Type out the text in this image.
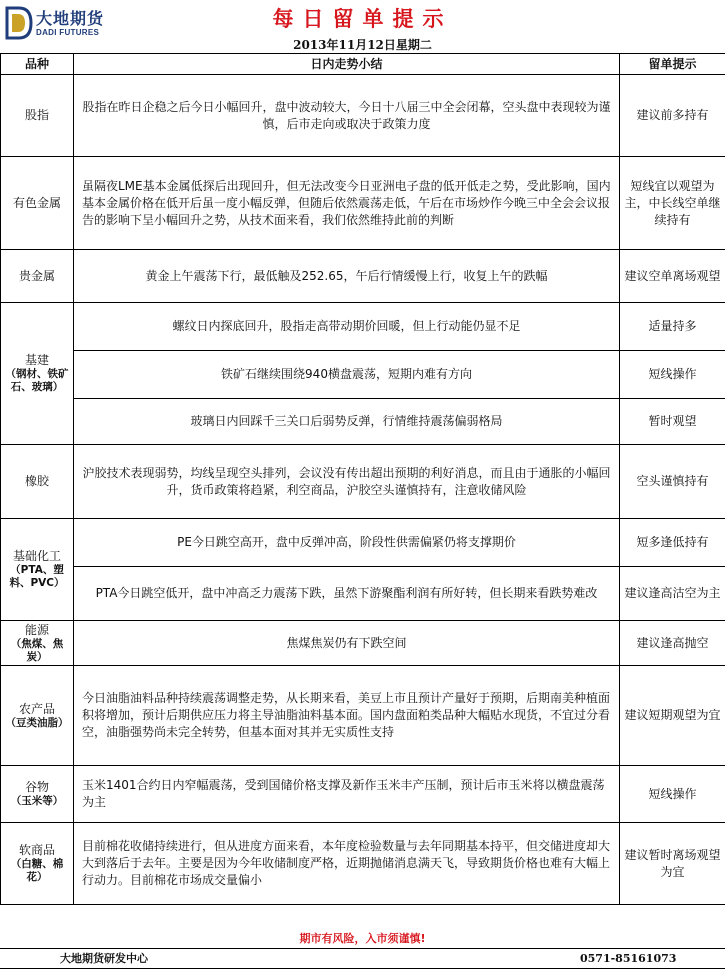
大地期货
DADI FUTURES
每日留单提示
2013年11月12日星期二
品种	日内走势小结	留单提示
股指	股指在昨日企稳之后今日小幅回升，盘中波动较大，今日十八届三中全会闭幕，空头盘中表现较为谨慎，后市走向或取决于政策力度	建议前多持有
有色金属	虽隔夜LME基本金属低探后出现回升，但无法改变今日亚洲电子盘的低开低走之势，受此影响，国内基本金属价格在低开后虽一度小幅反弹，但随后依然震荡走低，午后在市场炒作今晚三中全会会议报告的影响下呈小幅回升之势，从技术面来看，我们依然维持此前的判断	短线宜以观望为主，中长线空单继续持有
贵金属	黄金上午震荡下行，最低触及252.65，午后行情缓慢上行，收复上午的跌幅	建议空单离场观望
基建
（钢材、铁矿石、玻璃）	螺纹日内探底回升，股指走高带动期价回暖，但上行动能仍显不足	适量持多
	铁矿石继续围绕940横盘震荡，短期内难有方向	短线操作
	玻璃日内回踩千三关口后弱势反弹，行情维持震荡偏弱格局	暂时观望
橡胶	沪胶技术表现弱势，均线呈现空头排列，会议没有传出超出预期的利好消息，而且由于通胀的小幅回升，货币政策将趋紧，利空商品，沪胶空头谨慎持有，注意收储风险	空头谨慎持有
基础化工
（PTA、塑料、PVC）	PE今日跳空高开，盘中反弹冲高，阶段性供需偏紧仍将支撑期价	短多逢低持有
	PTA今日跳空低开，盘中冲高乏力震荡下跌，虽然下游聚酯利润有所好转，但长期来看跌势难改	建议逢高沽空为主
能源
（焦煤、焦炭）	焦煤焦炭仍有下跌空间	建议逢高抛空
农产品
（豆类油脂）	今日油脂油料品种持续震荡调整走势，从长期来看，美豆上市且预计产量好于预期，后期南美种植面积将增加，预计后期供应压力将主导油脂油料基本面。国内盘面粕类品种大幅贴水现货，不宜过分看空，油脂强势尚未完全转势，但基本面对其并无实质性支持	建议短期观望为宜
谷物
（玉米等）	玉米1401合约日内窄幅震荡，受到国储价格支撑及新作玉米丰产压制，预计后市玉米将以横盘震荡为主	短线操作
软商品
（白糖、棉花）	目前棉花收储持续进行，但从进度方面来看，本年度检验数量与去年同期基本持平，但交储进度却大大到落后于去年。主要是因为今年收储制度严格，近期抛储消息满天飞，导致期货价格也难有大幅上行动力。目前棉花市场成交量偏小	建议暂时离场观望为宜
期市有风险，入市须谨慎!
大地期货研发中心	0571-85161073
